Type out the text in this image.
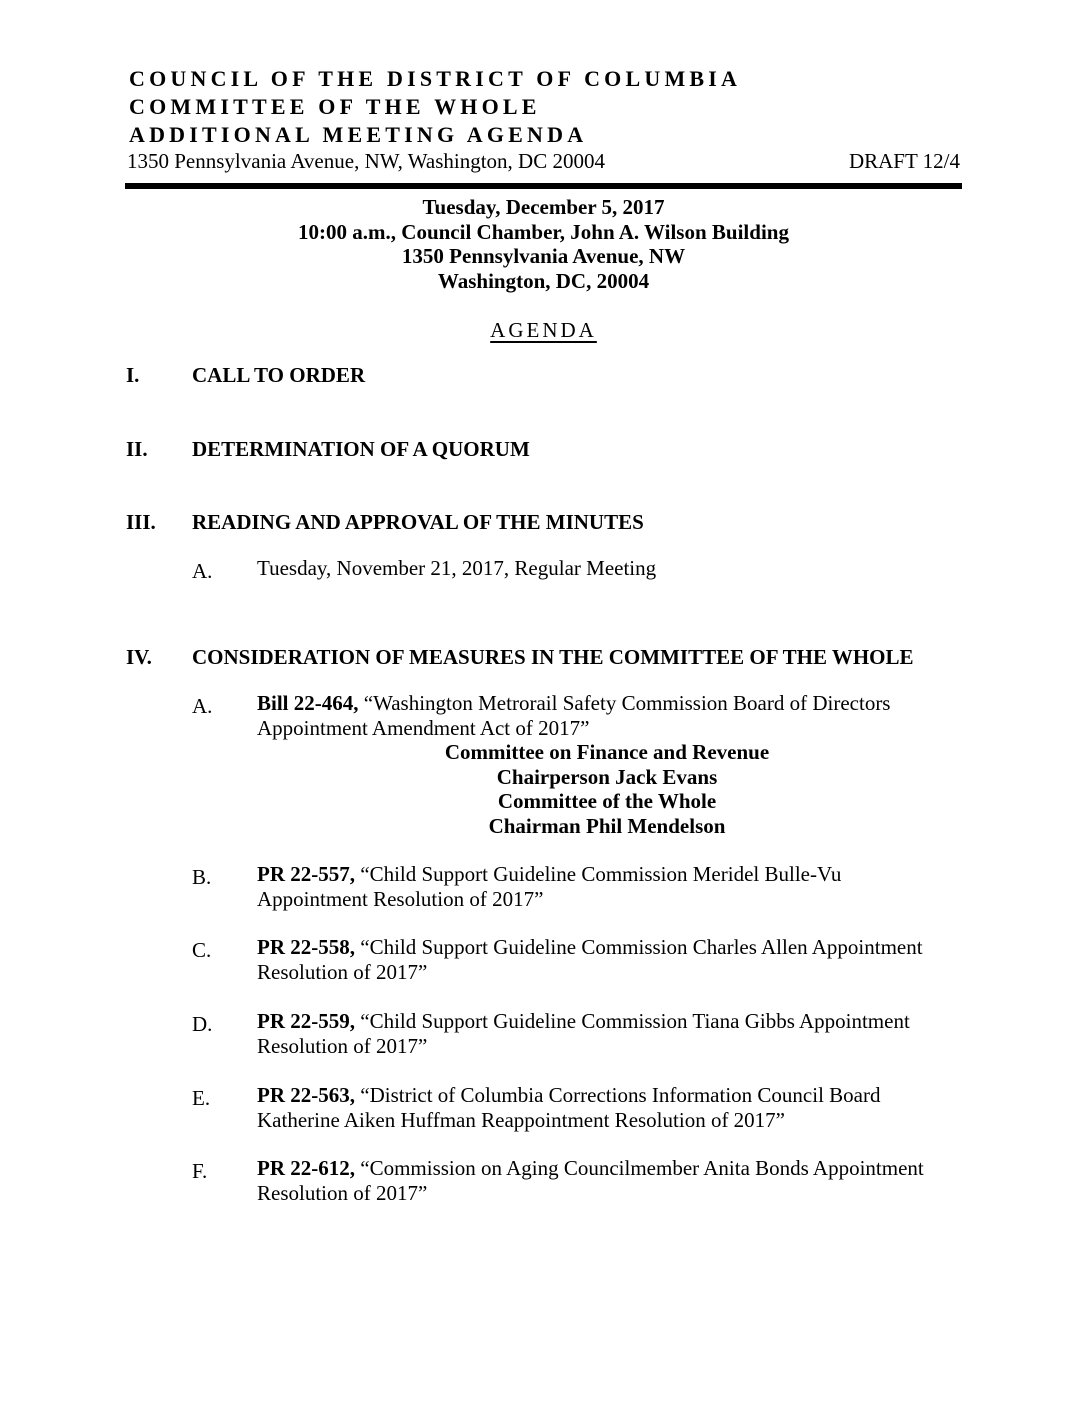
COUNCIL OF THE DISTRICT OF COLUMBIA
COMMITTEE OF THE WHOLE
ADDITIONAL MEETING AGENDA
1350 Pennsylvania Avenue, NW, Washington, DC 20004	DRAFT 12/4
Tuesday, December 5, 2017
10:00 a.m., Council Chamber, John A. Wilson Building
1350 Pennsylvania Avenue, NW
Washington, DC, 20004
AGENDA
I.	CALL TO ORDER
II. DETERMINATION OF A QUORUM
III. READING AND APPROVAL OF THE MINUTES
A. Tuesday, November 21, 2017, Regular Meeting
IV. CONSIDERATION OF MEASURES IN THE COMMITTEE OF THE WHOLE
A. Bill 22-464, “Washington Metrorail Safety Commission Board of Directors
Appointment Amendment Act of 2017”
Committee on Finance and Revenue
Chairperson Jack Evans
Committee of the Whole
Chairman Phil Mendelson
B. PR 22-557, “Child Support Guideline Commission Meridel Bulle-Vu
Appointment Resolution of 2017”
C. PR 22-558, “Child Support Guideline Commission Charles Allen Appointment
Resolution of 2017”
D. PR 22-559, “Child Support Guideline Commission Tiana Gibbs Appointment
Resolution of 2017”
E. PR 22-563, “District of Columbia Corrections Information Council Board
Katherine Aiken Huffman Reappointment Resolution of 2017”
F. PR 22-612, “Commission on Aging Councilmember Anita Bonds Appointment
Resolution of 2017”
